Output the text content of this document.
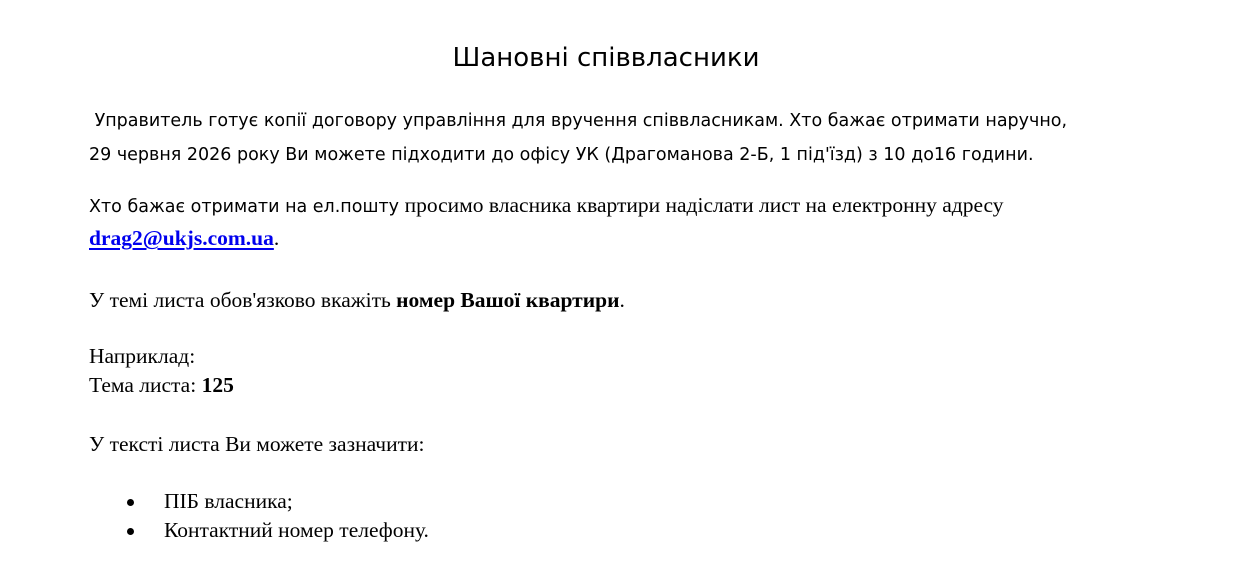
Шановні співвласники
Управитель готує копії договору управління для вручення співвласникам. Хто бажає отримати наручно,
29 червня 2026 року Ви можете підходити до офісу УК (Драгоманова 2-Б, 1 під'їзд) з 10 до16 години.
Хто бажає отримати на ел.пошту просимо власника квартири надіслати лист на електронну адресу
drag2@ukjs.com.ua.
У темі листа обов'язково вкажіть номер Вашої квартири.
Наприклад:
Тема листа: 125
У тексті листа Ви можете зазначити:
ПІБ власника;
Контактний номер телефону.
